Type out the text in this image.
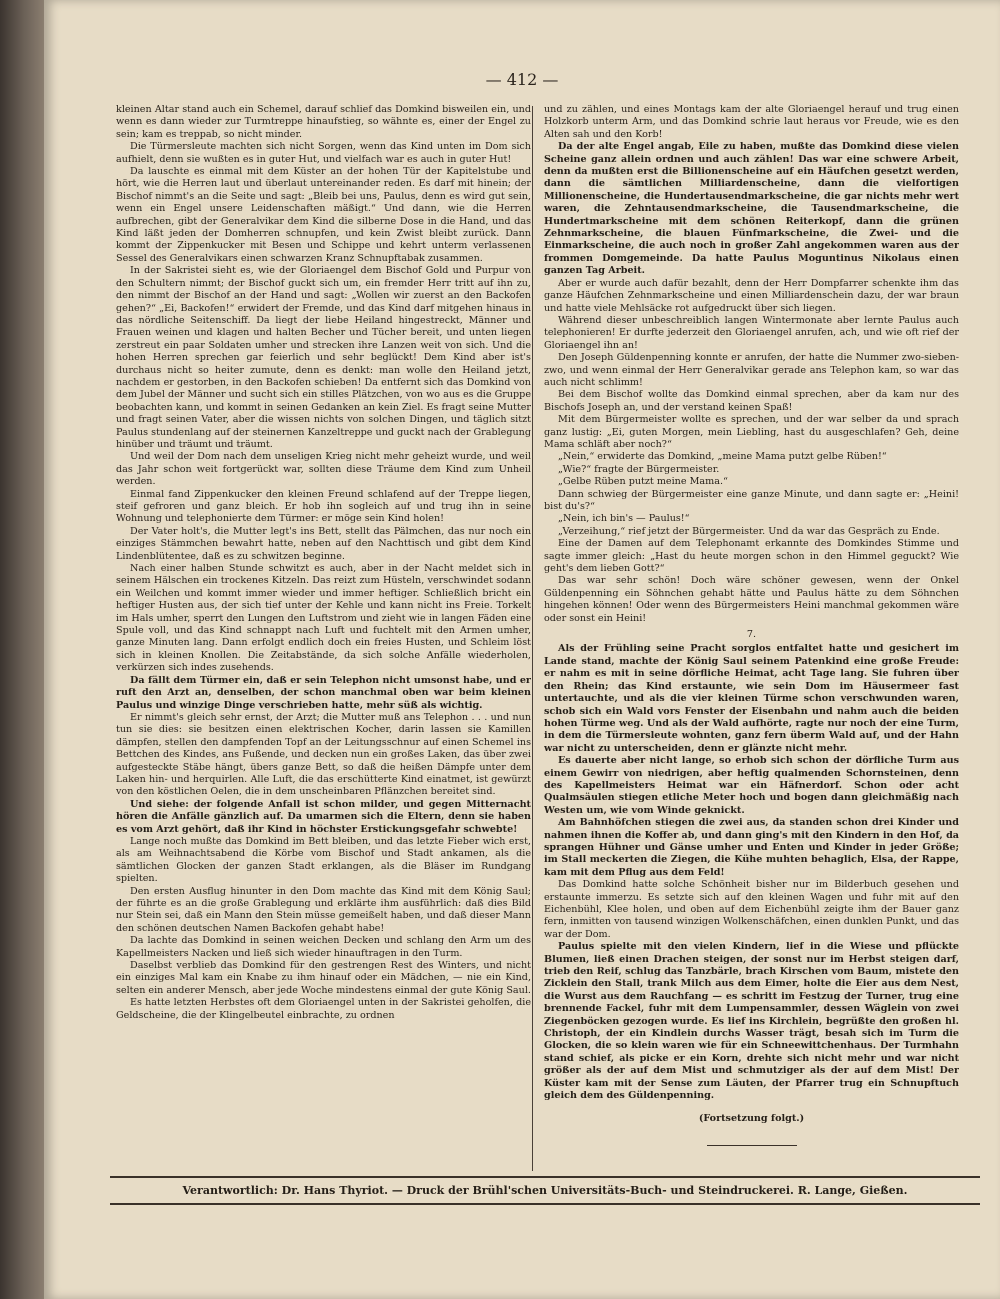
— 412 —

kleinen Altar stand auch ein Schemel, darauf schlief das Domkind bisweilen ein, und wenn es dann wieder zur Turmtreppe hinaufstieg, so wähnte es, einer der Engel zu sein; kam es treppab, so nicht minder.

Die Türmersleute machten sich nicht Sorgen, wenn das Kind unten im Dom sich aufhielt, denn sie wußten es in guter Hut, und vielfach war es auch in guter Hut!

Da lauschte es einmal mit dem Küster an der hohen Tür der Kapitelstube und hört, wie die Herren laut und überlaut untereinander reden. Es darf mit hinein; der Bischof nimmt's an die Seite und sagt: „Bleib bei uns, Paulus, denn es wird gut sein, wenn ein Engel unsere Leidenschaften mäßigt.“ Und dann, wie die Herren aufbrechen, gibt der Generalvikar dem Kind die silberne Dose in die Hand, und das Kind läßt jeden der Domherren schnupfen, und kein Zwist bleibt zurück. Dann kommt der Zippenkucker mit Besen und Schippe und kehrt unterm verlassenen Sessel des Generalvikars einen schwarzen Kranz Schnupftabak zusammen.

In der Sakristei sieht es, wie der Gloriaengel dem Bischof Gold und Purpur von den Schultern nimmt; der Bischof guckt sich um, ein fremder Herr tritt auf ihn zu, den nimmt der Bischof an der Hand und sagt: „Wollen wir zuerst an den Backofen gehen?“ „Ei, Backofen!“ erwidert der Fremde, und das Kind darf mitgehen hinaus in das nördliche Seitenschiff. Da liegt der liebe Heiland hingestreckt, Männer und Frauen weinen und klagen und halten Becher und Tücher bereit, und unten liegen zerstreut ein paar Soldaten umher und strecken ihre Lanzen weit von sich. Und die hohen Herren sprechen gar feierlich und sehr beglückt! Dem Kind aber ist's durchaus nicht so heiter zumute, denn es denkt: man wolle den Heiland jetzt, nachdem er gestorben, in den Backofen schieben! Da entfernt sich das Domkind von dem Jubel der Männer und sucht sich ein stilles Plätzchen, von wo aus es die Gruppe beobachten kann, und kommt in seinen Gedanken an kein Ziel. Es fragt seine Mutter und fragt seinen Vater, aber die wissen nichts von solchen Dingen, und täglich sitzt Paulus stundenlang auf der steinernen Kanzeltreppe und guckt nach der Grablegung hinüber und träumt und träumt.

Und weil der Dom nach dem unseligen Krieg nicht mehr geheizt wurde, und weil das Jahr schon weit fortgerückt war, sollten diese Träume dem Kind zum Unheil werden.

Einmal fand Zippenkucker den kleinen Freund schlafend auf der Treppe liegen, steif gefroren und ganz bleich. Er hob ihn sogleich auf und trug ihn in seine Wohnung und telephonierte dem Türmer: er möge sein Kind holen!

Der Vater holt's, die Mutter legt's ins Bett, stellt das Pälmchen, das nur noch ein einziges Stämmchen bewahrt hatte, neben auf den Nachttisch und gibt dem Kind Lindenblütentee, daß es zu schwitzen beginne.

Nach einer halben Stunde schwitzt es auch, aber in der Nacht meldet sich in seinem Hälschen ein trockenes Kitzeln. Das reizt zum Hüsteln, verschwindet sodann ein Weilchen und kommt immer wieder und immer heftiger. Schließlich bricht ein heftiger Husten aus, der sich tief unter der Kehle und kann nicht ins Freie. Torkelt im Hals umher, sperrt den Lungen den Luftstrom und zieht wie in langen Fäden eine Spule voll, und das Kind schnappt nach Luft und fuchtelt mit den Armen umher, ganze Minuten lang. Dann erfolgt endlich doch ein freies Husten, und Schleim löst sich in kleinen Knollen. Die Zeitabstände, da sich solche Anfälle wiederholen, verkürzen sich indes zusehends.

Da fällt dem Türmer ein, daß er sein Telephon nicht umsonst habe, und er ruft den Arzt an, denselben, der schon manchmal oben war beim kleinen Paulus und winzige Dinge verschrieben hatte, mehr süß als wichtig.

Er nimmt's gleich sehr ernst, der Arzt; die Mutter muß ans Telephon . . . und nun tun sie dies: sie besitzen einen elektrischen Kocher, darin lassen sie Kamillen dämpfen, stellen den dampfenden Topf an der Leitungsschnur auf einen Schemel ins Bettchen des Kindes, ans Fußende, und decken nun ein großes Laken, das über zwei aufgesteckte Stäbe hängt, übers ganze Bett, so daß die heißen Dämpfe unter dem Laken hin- und herquirlen. Alle Luft, die das erschütterte Kind einatmet, ist gewürzt von den köstlichen Oelen, die in dem unscheinbaren Pflänzchen bereitet sind.

Und siehe: der folgende Anfall ist schon milder, und gegen Mitternacht hören die Anfälle gänzlich auf. Da umarmen sich die Eltern, denn sie haben es vom Arzt gehört, daß ihr Kind in höchster Erstickungsgefahr schwebte!

Lange noch mußte das Domkind im Bett bleiben, und das letzte Fieber wich erst, als am Weihnachtsabend die Körbe vom Bischof und Stadt ankamen, als die sämtlichen Glocken der ganzen Stadt erklangen, als die Bläser im Rundgang spielten.

Den ersten Ausflug hinunter in den Dom machte das Kind mit dem König Saul; der führte es an die große Grablegung und erklärte ihm ausführlich: daß dies Bild nur Stein sei, daß ein Mann den Stein müsse gemeißelt haben, und daß dieser Mann den schönen deutschen Namen Backofen gehabt habe!

Da lachte das Domkind in seinen weichen Decken und schlang den Arm um des Kapellmeisters Nacken und ließ sich wieder hinauftragen in den Turm.

Daselbst verblieb das Domkind für den gestrengen Rest des Winters, und nicht ein einziges Mal kam ein Knabe zu ihm hinauf oder ein Mädchen, — nie ein Kind, selten ein anderer Mensch, aber jede Woche mindestens einmal der gute König Saul.

Es hatte letzten Herbstes oft dem Gloriaengel unten in der Sakristei geholfen, die Geldscheine, die der Klingelbeutel einbrachte, zu ordnen

und zu zählen, und eines Montags kam der alte Gloriaengel herauf und trug einen Holzkorb unterm Arm, und das Domkind schrie laut heraus vor Freude, wie es den Alten sah und den Korb!

Da der alte Engel angab, Eile zu haben, mußte das Domkind diese vielen Scheine ganz allein ordnen und auch zählen! Das war eine schwere Arbeit, denn da mußten erst die Billionenscheine auf ein Häufchen gesetzt werden, dann die sämtlichen Milliardenscheine, dann die vielfortigen Millionenscheine, die Hundertausendmarkscheine, die gar nichts mehr wert waren, die Zehntausendmarkscheine, die Tausendmarkscheine, die Hundertmarkscheine mit dem schönen Reiterkopf, dann die grünen Zehnmarkscheine, die blauen Fünfmarkscheine, die Zwei- und die Einmarkscheine, die auch noch in großer Zahl angekommen waren aus der frommen Domgemeinde. Da hatte Paulus Moguntinus Nikolaus einen ganzen Tag Arbeit.

Aber er wurde auch dafür bezahlt, denn der Herr Dompfarrer schenkte ihm das ganze Häufchen Zehnmarkscheine und einen Milliardenschein dazu, der war braun und hatte viele Mehlsäcke rot aufgedruckt über sich liegen.

Während dieser unbeschreiblich langen Wintermonate aber lernte Paulus auch telephonieren! Er durfte jederzeit den Gloriaengel anrufen, ach, und wie oft rief der Gloriaengel ihn an!

Den Joseph Güldenpenning konnte er anrufen, der hatte die Nummer zwo-sieben-zwo, und wenn einmal der Herr Generalvikar gerade ans Telephon kam, so war das auch nicht schlimm!

Bei dem Bischof wollte das Domkind einmal sprechen, aber da kam nur des Bischofs Joseph an, und der verstand keinen Spaß!

Mit dem Bürgermeister wollte es sprechen, und der war selber da und sprach ganz lustig: „Ei, guten Morgen, mein Liebling, hast du ausgeschlafen? Geh, deine Mama schläft aber noch?“

„Nein,“ erwiderte das Domkind, „meine Mama putzt gelbe Rüben!“

„Wie?“ fragte der Bürgermeister.

„Gelbe Rüben putzt meine Mama.“

Dann schwieg der Bürgermeister eine ganze Minute, und dann sagte er: „Heini! bist du's?“

„Nein, ich bin's — Paulus!“

„Verzeihung,“ rief jetzt der Bürgermeister. Und da war das Gespräch zu Ende.

Eine der Damen auf dem Telephonamt erkannte des Domkindes Stimme und sagte immer gleich: „Hast du heute morgen schon in den Himmel geguckt? Wie geht's dem lieben Gott?“

Das war sehr schön! Doch wäre schöner gewesen, wenn der Onkel Güldenpenning ein Söhnchen gehabt hätte und Paulus hätte zu dem Söhnchen hingehen können! Oder wenn des Bürgermeisters Heini manchmal gekommen wäre oder sonst ein Heini!

7.

Als der Frühling seine Pracht sorglos entfaltet hatte und gesichert im Lande stand, machte der König Saul seinem Patenkind eine große Freude: er nahm es mit in seine dörfliche Heimat, acht Tage lang. Sie fuhren über den Rhein; das Kind erstaunte, wie sein Dom im Häusermeer fast untertauchte, und als die vier kleinen Türme schon verschwunden waren, schob sich ein Wald vors Fenster der Eisenbahn und nahm auch die beiden hohen Türme weg. Und als der Wald aufhörte, ragte nur noch der eine Turm, in dem die Türmersleute wohnten, ganz fern überm Wald auf, und der Hahn war nicht zu unterscheiden, denn er glänzte nicht mehr.

Es dauerte aber nicht lange, so erhob sich schon der dörfliche Turm aus einem Gewirr von niedrigen, aber heftig qualmenden Schornsteinen, denn des Kapellmeisters Heimat war ein Häfnerdorf. Schon oder acht Qualmsäulen stiegen etliche Meter hoch und bogen dann gleichmäßig nach Westen um, wie vom Winde geknickt.

Am Bahnhöfchen stiegen die zwei aus, da standen schon drei Kinder und nahmen ihnen die Koffer ab, und dann ging's mit den Kindern in den Hof, da sprangen Hühner und Gänse umher und Enten und Kinder in jeder Größe; im Stall meckerten die Ziegen, die Kühe muhten behaglich, Elsa, der Rappe, kam mit dem Pflug aus dem Feld!

Das Domkind hatte solche Schönheit bisher nur im Bilderbuch gesehen und erstaunte immerzu. Es setzte sich auf den kleinen Wagen und fuhr mit auf den Eichenbühl, Klee holen, und oben auf dem Eichenbühl zeigte ihm der Bauer ganz fern, inmitten von tausend winzigen Wolkenschäfchen, einen dunklen Punkt, und das war der Dom.

Paulus spielte mit den vielen Kindern, lief in die Wiese und pflückte Blumen, ließ einen Drachen steigen, der sonst nur im Herbst steigen darf, trieb den Reif, schlug das Tanzbärle, brach Kirschen vom Baum, mistete den Zicklein den Stall, trank Milch aus dem Eimer, holte die Eier aus dem Nest, die Wurst aus dem Rauchfang — es schritt im Festzug der Turner, trug eine brennende Fackel, fuhr mit dem Lumpensammler, dessen Wäglein von zwei Ziegenböcken gezogen wurde. Es lief ins Kirchlein, begrüßte den großen hl. Christoph, der ein Kindlein durchs Wasser trägt, besah sich im Turm die Glocken, die so klein waren wie für ein Schneewittchenhaus. Der Turmhahn stand schief, als picke er ein Korn, drehte sich nicht mehr und war nicht größer als der auf dem Mist und schmutziger als der auf dem Mist! Der Küster kam mit der Sense zum Läuten, der Pfarrer trug ein Schnupftuch gleich dem des Güldenpenning.

(Fortsetzung folgt.)

Verantwortlich: Dr. Hans Thyriot. — Druck der Brühl'schen Universitäts-Buch- und Steindruckerei. R. Lange, Gießen.
